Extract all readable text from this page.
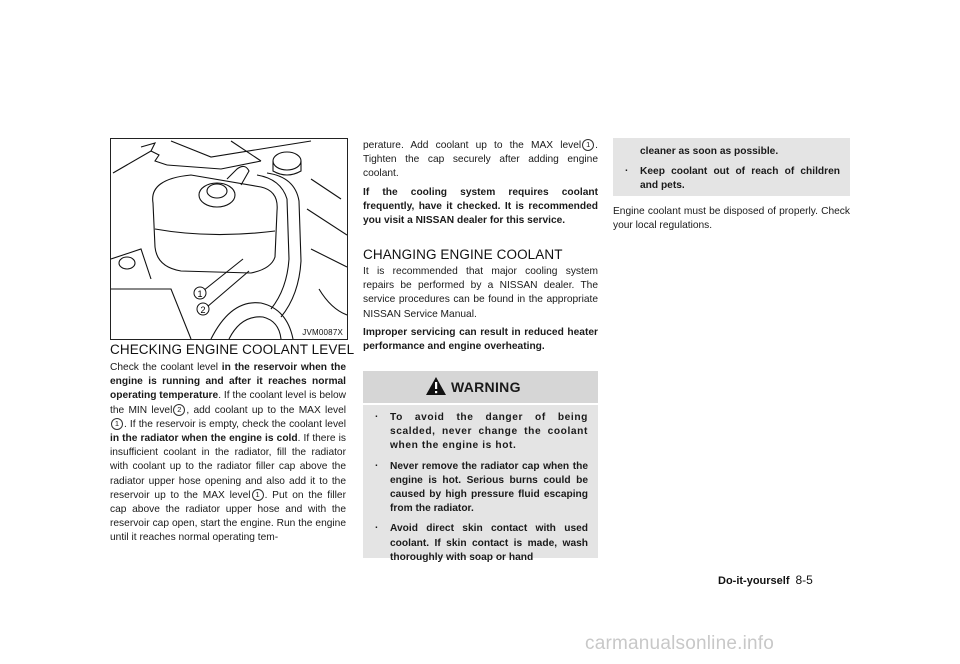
1
2
JVM0087X
CHECKING ENGINE COOLANT LEVEL

Check the coolant level in the reservoir when the engine is running and after it reaches normal operating temperature. If the coolant level is below the MIN level 2 , add coolant up to the MAX level1 . If the reservoir is empty, check the coolant level in the radiator when the engine is cold. If there is insufficient coolant in the radiator, fill the radiator with coolant up to the radiator filler cap above the radiator upper hose opening and also add it to the reservoir up to the MAX level 1 . Put on the filler cap above the radiator upper hose and with the reservoir cap open, start the engine. Run the engine until it reaches normal operating tem-

perature. Add coolant up to the MAX level 1 . Tighten the cap securely after adding engine coolant.

If the cooling system requires coolant frequently, have it checked. It is recommended you visit a NISSAN dealer for this service.

CHANGING ENGINE COOLANT

It is recommended that major cooling system repairs be performed by a NISSAN dealer. The service procedures can be found in the appropriate NISSAN Service Manual.

Improper servicing can result in reduced heater performance and engine overheating.

WARNING
. To avoid the danger of being scalded, never change the coolant when the engine is hot.
. Never remove the radiator cap when the engine is hot. Serious burns could be caused by high pressure fluid escaping from the radiator.
. Avoid direct skin contact with used coolant. If skin contact is made, wash thoroughly with soap or hand
cleaner as soon as possible.
. Keep coolant out of reach of children and pets.

Engine coolant must be disposed of properly. Check your local regulations.

Do-it-yourself 8-5
carmanualsonline.info
